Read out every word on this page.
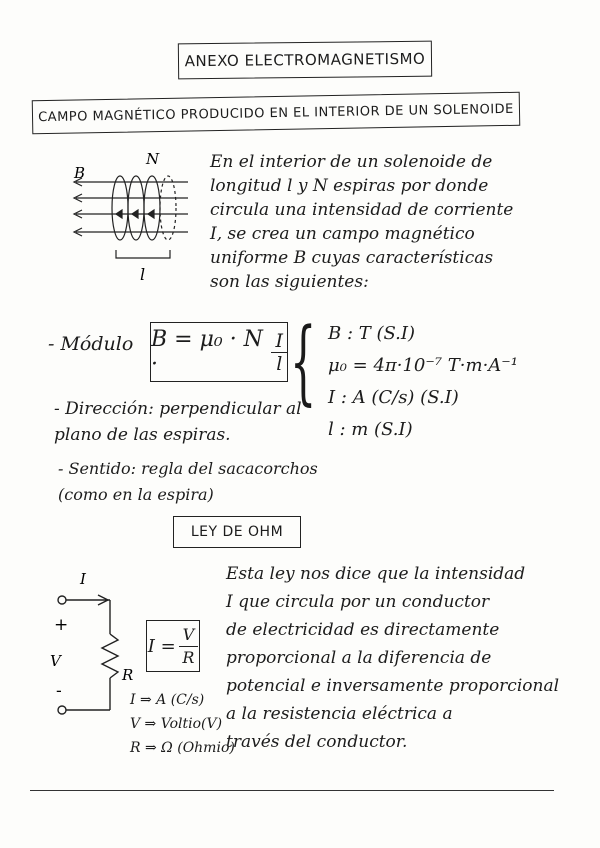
ANEXO ELECTROMAGNETISMO
CAMPO MAGNÉTICO PRODUCIDO EN EL INTERIOR DE UN SOLENOIDE
B
N
l
En el interior de un solenoide de
longitud l y N espiras por donde
circula una intensidad de corriente
I, se crea un campo magnético
uniforme B cuyas características
son las siguientes:
- Módulo B = μ₀ · N ·	$\frac{I}{l}$ { B : T (S.I)
μ₀ = 4π·10⁻⁷ T·m·A⁻¹
I : A (C/s) (S.I)
l : m (S.I)
- Dirección: perpendicular al
plano de las espiras.
- Sentido: regla del sacacorchos
(como en la espira)
LEY DE OHM
I
+
V
-
R
$I = \frac{V}{R}$
I ⇒ A (C/s)
V ⇒ Voltio(V)
R ⇒ Ω (Ohmio)
Esta ley nos dice que la intensidad
I que circula por un conductor
de electricidad es directamente
proporcional a la diferencia de
potencial e inversamente proporcional
a la resistencia eléctrica a
través del conductor.
